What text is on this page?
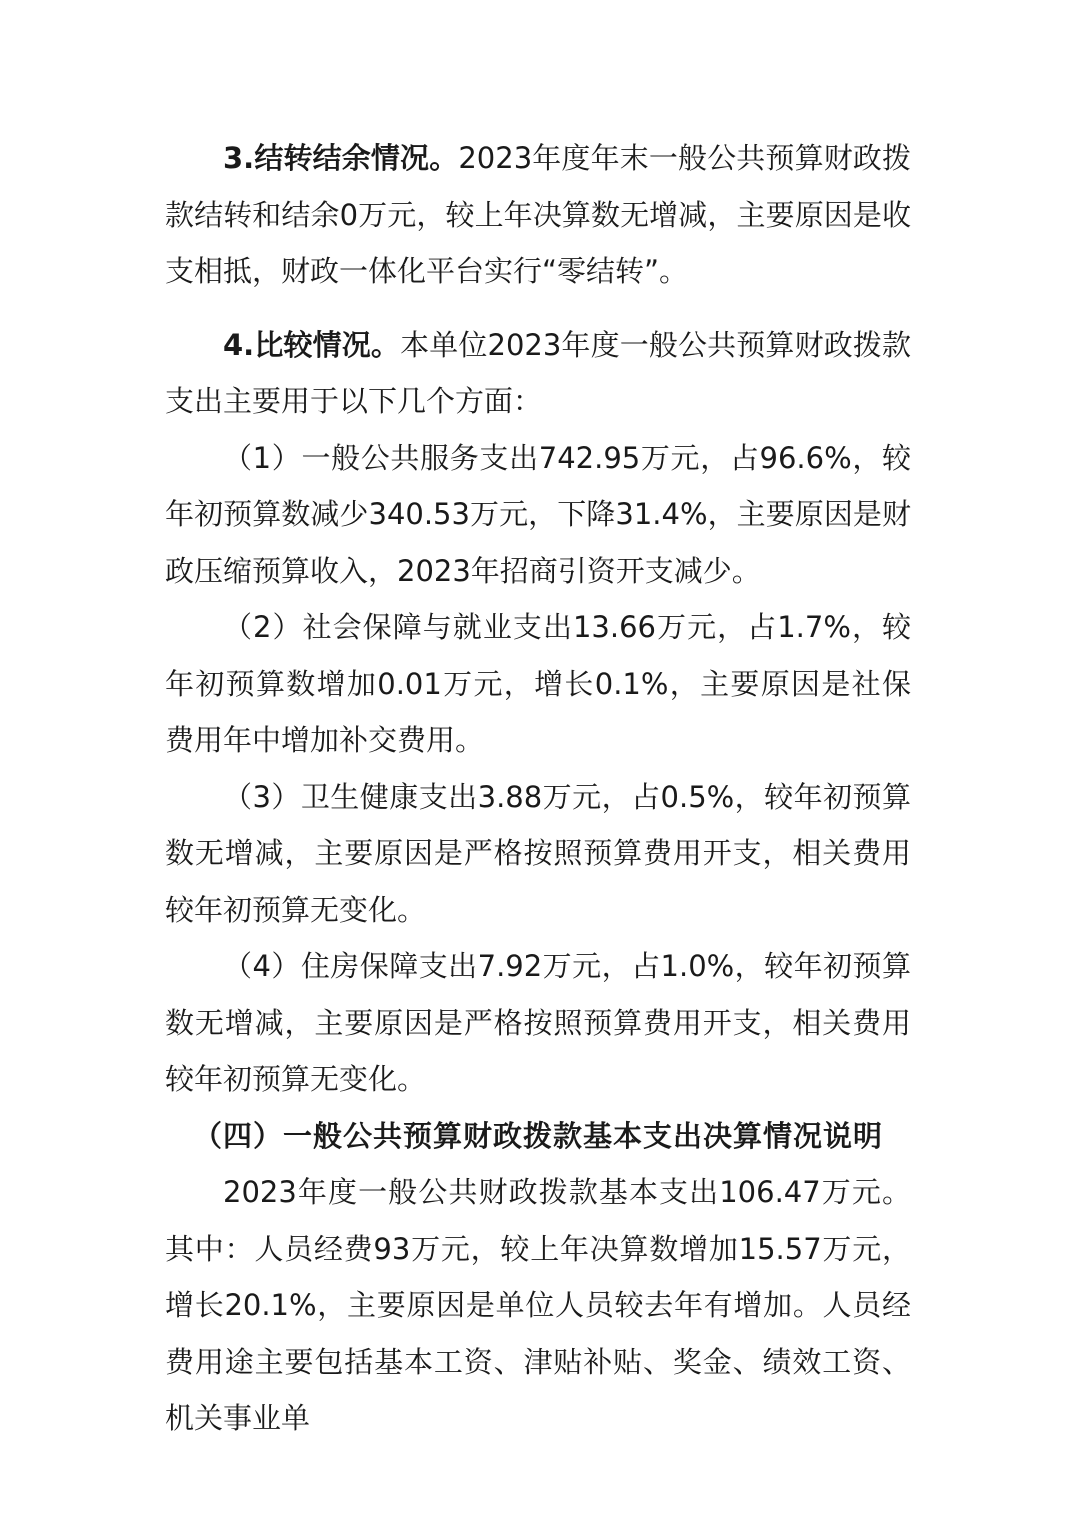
3.结转结余情况。2023年度年末一般公共预算财政拨款结转和结余0万元，较上年决算数无增减，主要原因是收支相抵，财政一体化平台实行“零结转”。

4.比较情况。本单位2023年度一般公共预算财政拨款支出主要用于以下几个方面：

（1）一般公共服务支出742.95万元，占96.6%，较年初预算数减少340.53万元，下降31.4%，主要原因是财政压缩预算收入，2023年招商引资开支减少。

（2）社会保障与就业支出13.66万元，占1.7%，较年初预算数增加0.01万元，增长0.1%，主要原因是社保费用年中增加补交费用。

（3）卫生健康支出3.88万元，占0.5%，较年初预算数无增减，主要原因是严格按照预算费用开支，相关费用较年初预算无变化。

（4）住房保障支出7.92万元，占1.0%，较年初预算数无增减，主要原因是严格按照预算费用开支，相关费用较年初预算无变化。

（四）一般公共预算财政拨款基本支出决算情况说明

2023年度一般公共财政拨款基本支出106.47万元。其中：人员经费93万元，较上年决算数增加15.57万元，增长20.1%，主要原因是单位人员较去年有增加。人员经费用途主要包括基本工资、津贴补贴、奖金、绩效工资、机关事业单
